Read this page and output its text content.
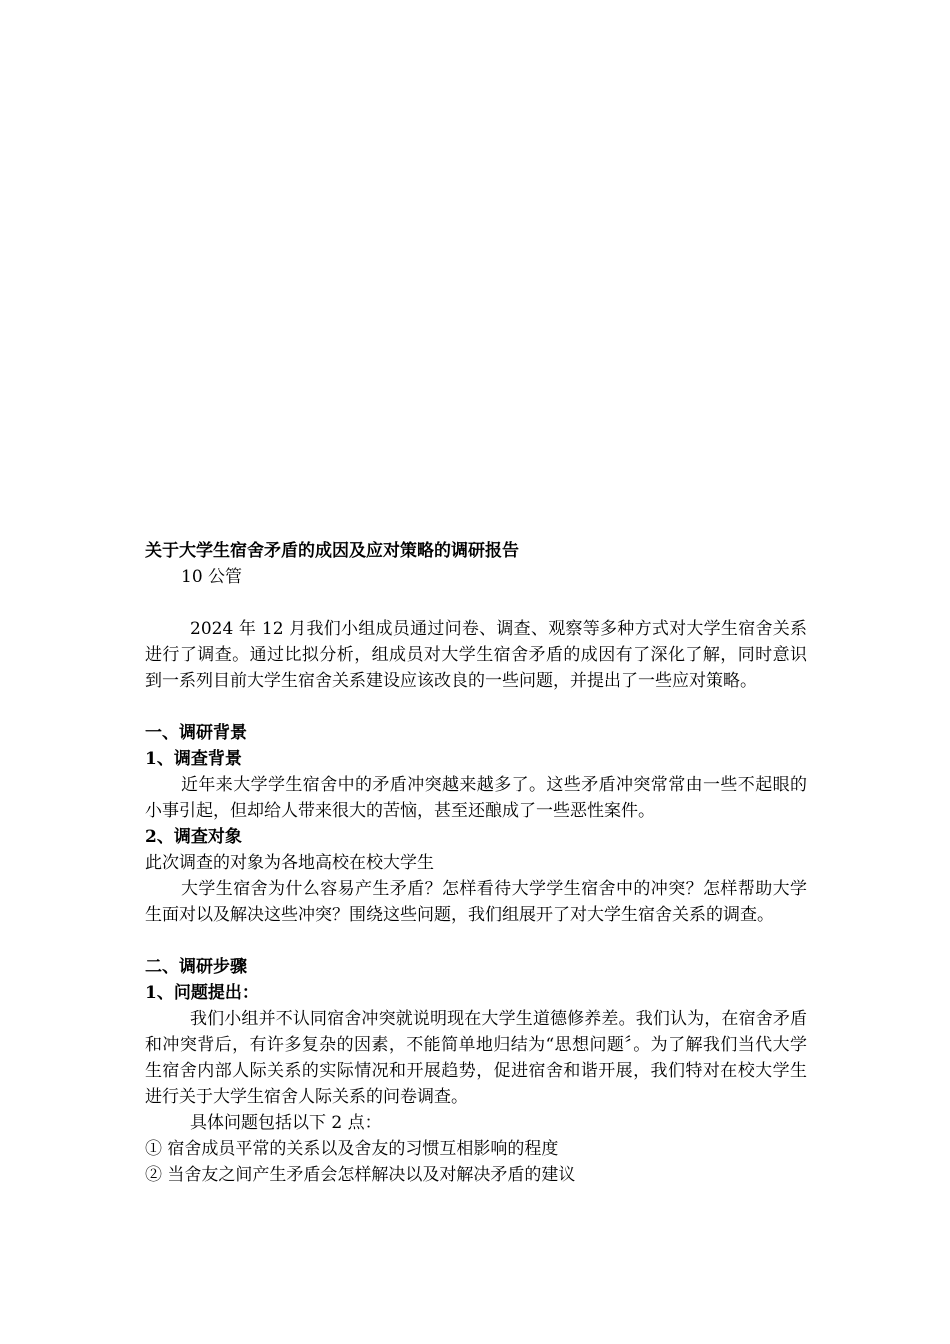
关于大学生宿舍矛盾的成因及应对策略的调研报告
10 公管
2024 年 12 月我们小组成员通过问卷、调查、观察等多种方式对大学生宿舍关系进行了调查。通过比拟分析，组成员对大学生宿舍矛盾的成因有了深化了解，同时意识到一系列目前大学生宿舍关系建设应该改良的一些问题，并提出了一些应对策略。
一、调研背景
1、调查背景
近年来大学学生宿舍中的矛盾冲突越来越多了。这些矛盾冲突常常由一些不起眼的小事引起，但却给人带来很大的苦恼，甚至还酿成了一些恶性案件。
2、调查对象
此次调查的对象为各地高校在校大学生
大学生宿舍为什么容易产生矛盾？怎样看待大学学生宿舍中的冲突？怎样帮助大学生面对以及解决这些冲突？围绕这些问题，我们组展开了对大学生宿舍关系的调查。
二、调研步骤
1、问题提出：
我们小组并不认同宿舍冲突就说明现在大学生道德修养差。我们认为，在宿舍矛盾和冲突背后，有许多复杂的因素，不能简单地归结为“思想问题〞。为了解我们当代大学生宿舍内部人际关系的实际情况和开展趋势，促进宿舍和谐开展，我们特对在校大学生进行关于大学生宿舍人际关系的问卷调查。
具体问题包括以下 2 点：
① 宿舍成员平常的关系以及舍友的习惯互相影响的程度
② 当舍友之间产生矛盾会怎样解决以及对解决矛盾的建议
